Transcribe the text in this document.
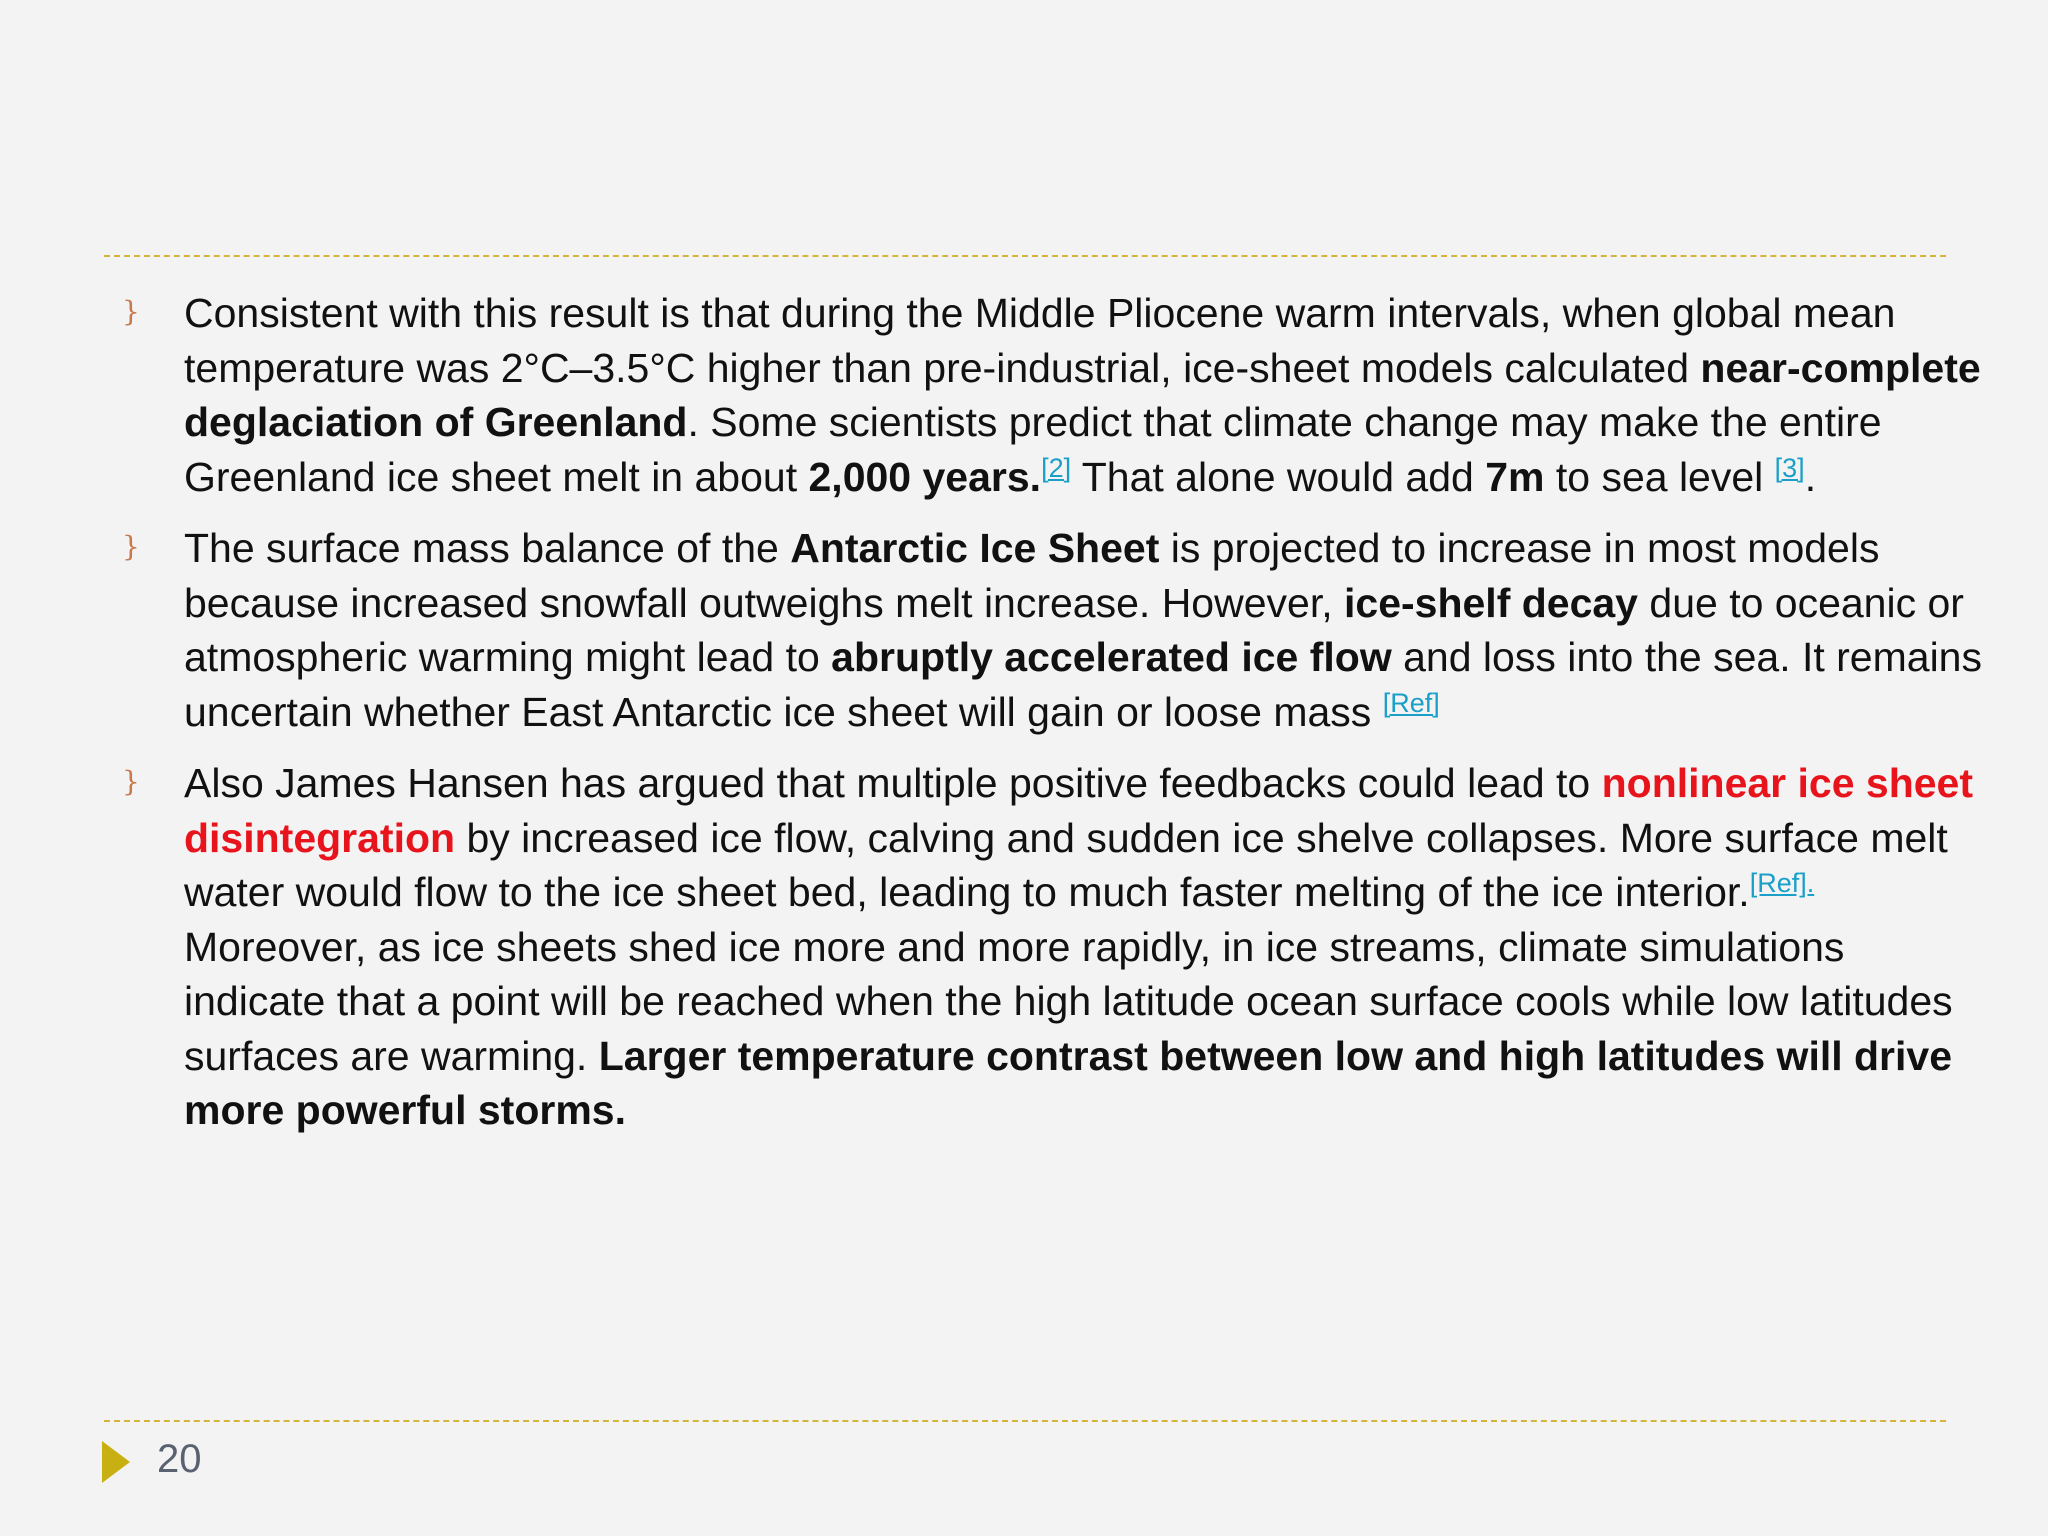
} Consistent with this result is that during the Middle Pliocene warm intervals, when global mean temperature was 2°C–3.5°C higher than pre-industrial, ice-sheet models calculated near-complete deglaciation of Greenland. Some scientists predict that climate change may make the entire Greenland ice sheet melt in about 2,000 years.[2] That alone would add 7m to sea level [3].
} The surface mass balance of the Antarctic Ice Sheet is projected to increase in most models because increased snowfall outweighs melt increase. However, ice-shelf decay due to oceanic or atmospheric warming might lead to abruptly accelerated ice flow and loss into the sea. It remains uncertain whether East Antarctic ice sheet will gain or loose mass [Ref]
} Also James Hansen has argued that multiple positive feedbacks could lead to nonlinear ice sheet disintegration by increased ice flow, calving and sudden ice shelve collapses. More surface melt water would flow to the ice sheet bed, leading to much faster melting of the ice interior.$^{[Ref].}$ Moreover, as ice sheets shed ice more and more rapidly, in ice streams, climate simulations indicate that a point will be reached when the high latitude ocean surface cools while low latitudes surfaces are warming. Larger temperature contrast between low and high latitudes will drive more powerful storms.
20
